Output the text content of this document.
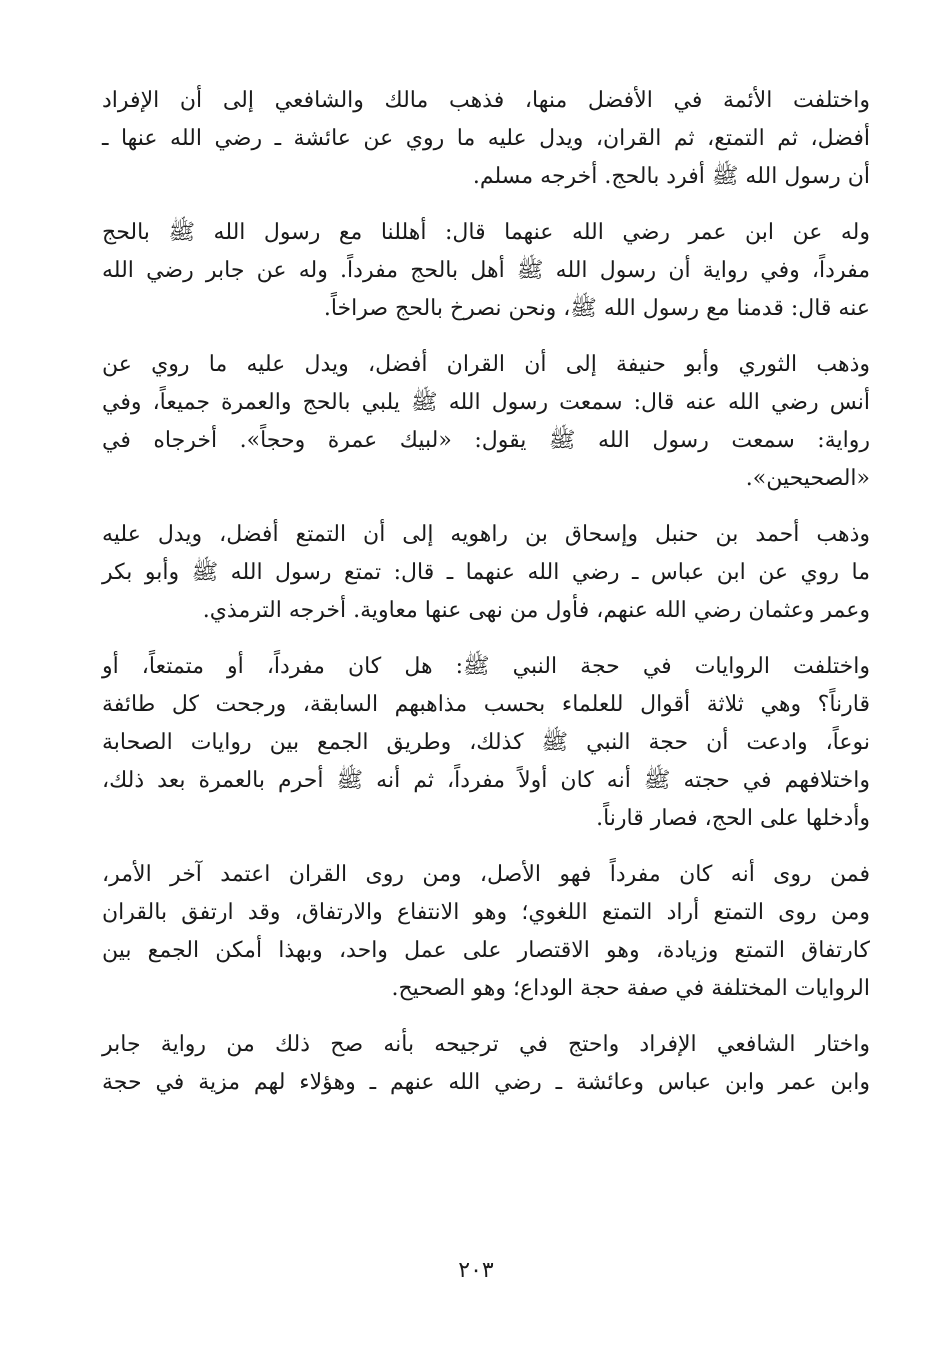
واختلفت الأئمة في الأفضل منها، فذهب مالك والشافعي إلى أن الإفراد
أفضل، ثم التمتع، ثم القران، ويدل عليه ما روي عن عائشة ـ رضي الله عنها ـ
أن رسول الله ﷺ أفرد بالحج. أخرجه مسلم.
وله عن ابن عمر رضي الله عنهما قال: أهللنا مع رسول الله ﷺ بالحج
مفرداً، وفي رواية أن رسول الله ﷺ أهل بالحج مفرداً. وله عن جابر رضي الله
عنه قال: قدمنا مع رسول الله ﷺ، ونحن نصرخ بالحج صراخاً.
وذهب الثوري وأبو حنيفة إلى أن القران أفضل، ويدل عليه ما روي عن
أنس رضي الله عنه قال: سمعت رسول الله ﷺ يلبي بالحج والعمرة جميعاً، وفي
رواية: سمعت رسول الله ﷺ يقول: «لبيك عمرة وحجاً». أخرجاه في
«الصحيحين».
وذهب أحمد بن حنبل وإسحاق بن راهويه إلى أن التمتع أفضل، ويدل عليه
ما روي عن ابن عباس ـ رضي الله عنهما ـ قال: تمتع رسول الله ﷺ وأبو بكر
وعمر وعثمان رضي الله عنهم، فأول من نهى عنها معاوية. أخرجه الترمذي.
واختلفت الروايات في حجة النبي ﷺ: هل كان مفرداً، أو متمتعاً، أو
قارناً؟ وهي ثلاثة أقوال للعلماء بحسب مذاهبهم السابقة، ورجحت كل طائفة
نوعاً، وادعت أن حجة النبي ﷺ كذلك، وطريق الجمع بين روايات الصحابة
واختلافهم في حجته ﷺ أنه كان أولاً مفرداً، ثم أنه ﷺ أحرم بالعمرة بعد ذلك،
وأدخلها على الحج، فصار قارناً.
فمن روى أنه كان مفرداً فهو الأصل، ومن روى القران اعتمد آخر الأمر،
ومن روى التمتع أراد التمتع اللغوي؛ وهو الانتفاع والارتفاق، وقد ارتفق بالقران
كارتفاق التمتع وزيادة، وهو الاقتصار على عمل واحد، وبهذا أمكن الجمع بين
الروايات المختلفة في صفة حجة الوداع؛ وهو الصحيح.
واختار الشافعي الإفراد واحتج في ترجيحه بأنه صح ذلك من رواية جابر
وابن عمر وابن عباس وعائشة ـ رضي الله عنهم ـ وهؤلاء لهم مزية في حجة
٢٠٣
